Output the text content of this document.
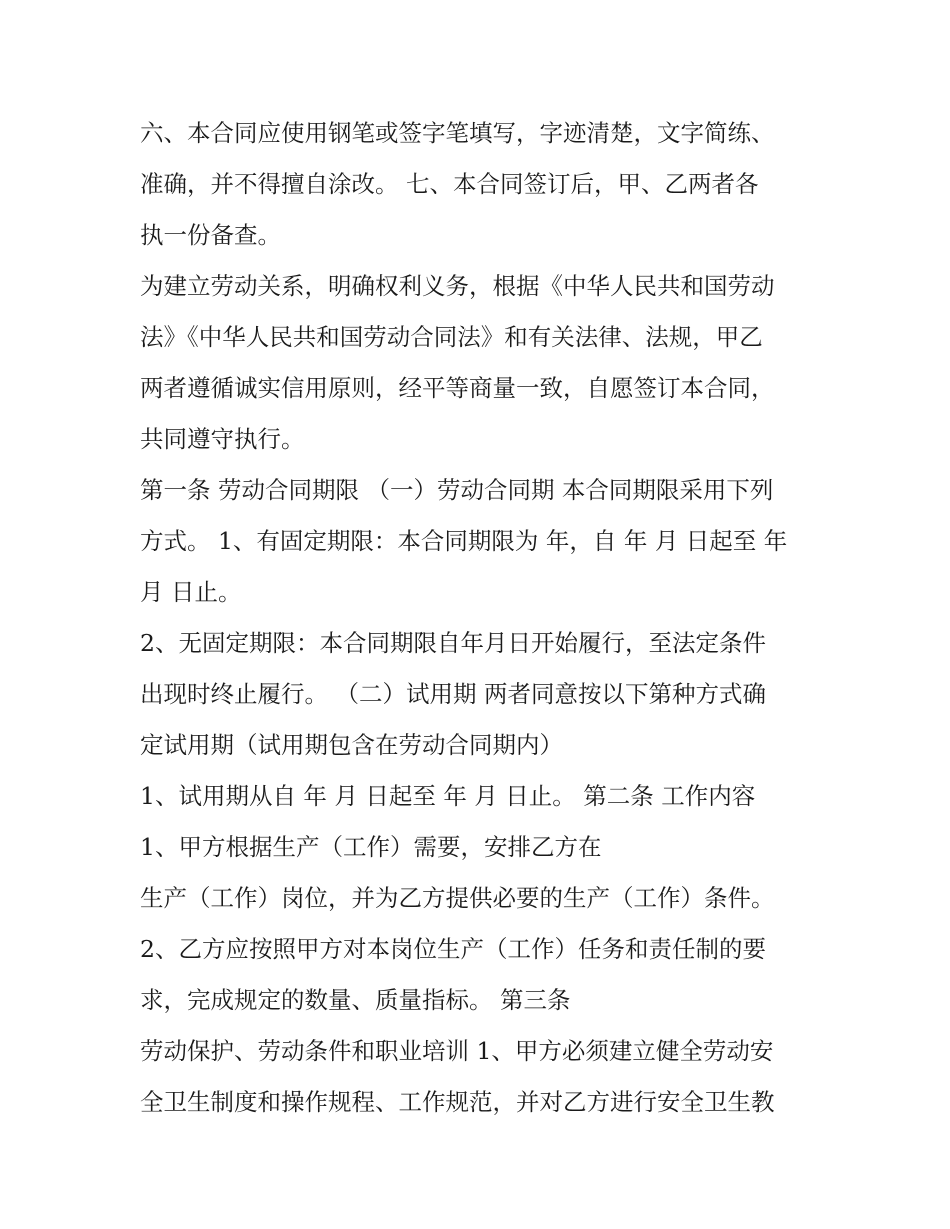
六、本合同应使用钢笔或签字笔填写，字迹清楚，文字简练、
准确，并不得擅自涂改。 七、本合同签订后，甲、乙两者各
执一份备查。
为建立劳动关系，明确权利义务，根据《中华人民共和国劳动
法》《中华人民共和国劳动合同法》和有关法律、法规，甲乙
两者遵循诚实信用原则，经平等商量一致，自愿签订本合同，
共同遵守执行。
第一条 劳动合同期限 （一）劳动合同期 本合同期限采用下列
方式。 1、有固定期限：本合同期限为 年，自 年 月 日起至 年
月 日止。
2、无固定期限：本合同期限自年月日开始履行，至法定条件
出现时终止履行。 （二）试用期 两者同意按以下第种方式确
定试用期（试用期包含在劳动合同期内）
1、试用期从自 年 月 日起至 年 月 日止。 第二条 工作内容
1、甲方根据生产（工作）需要，安排乙方在
生产（工作）岗位，并为乙方提供必要的生产（工作）条件。
2、乙方应按照甲方对本岗位生产（工作）任务和责任制的要
求，完成规定的数量、质量指标。 第三条
劳动保护、劳动条件和职业培训 1、甲方必须建立健全劳动安
全卫生制度和操作规程、工作规范，并对乙方进行安全卫生教
